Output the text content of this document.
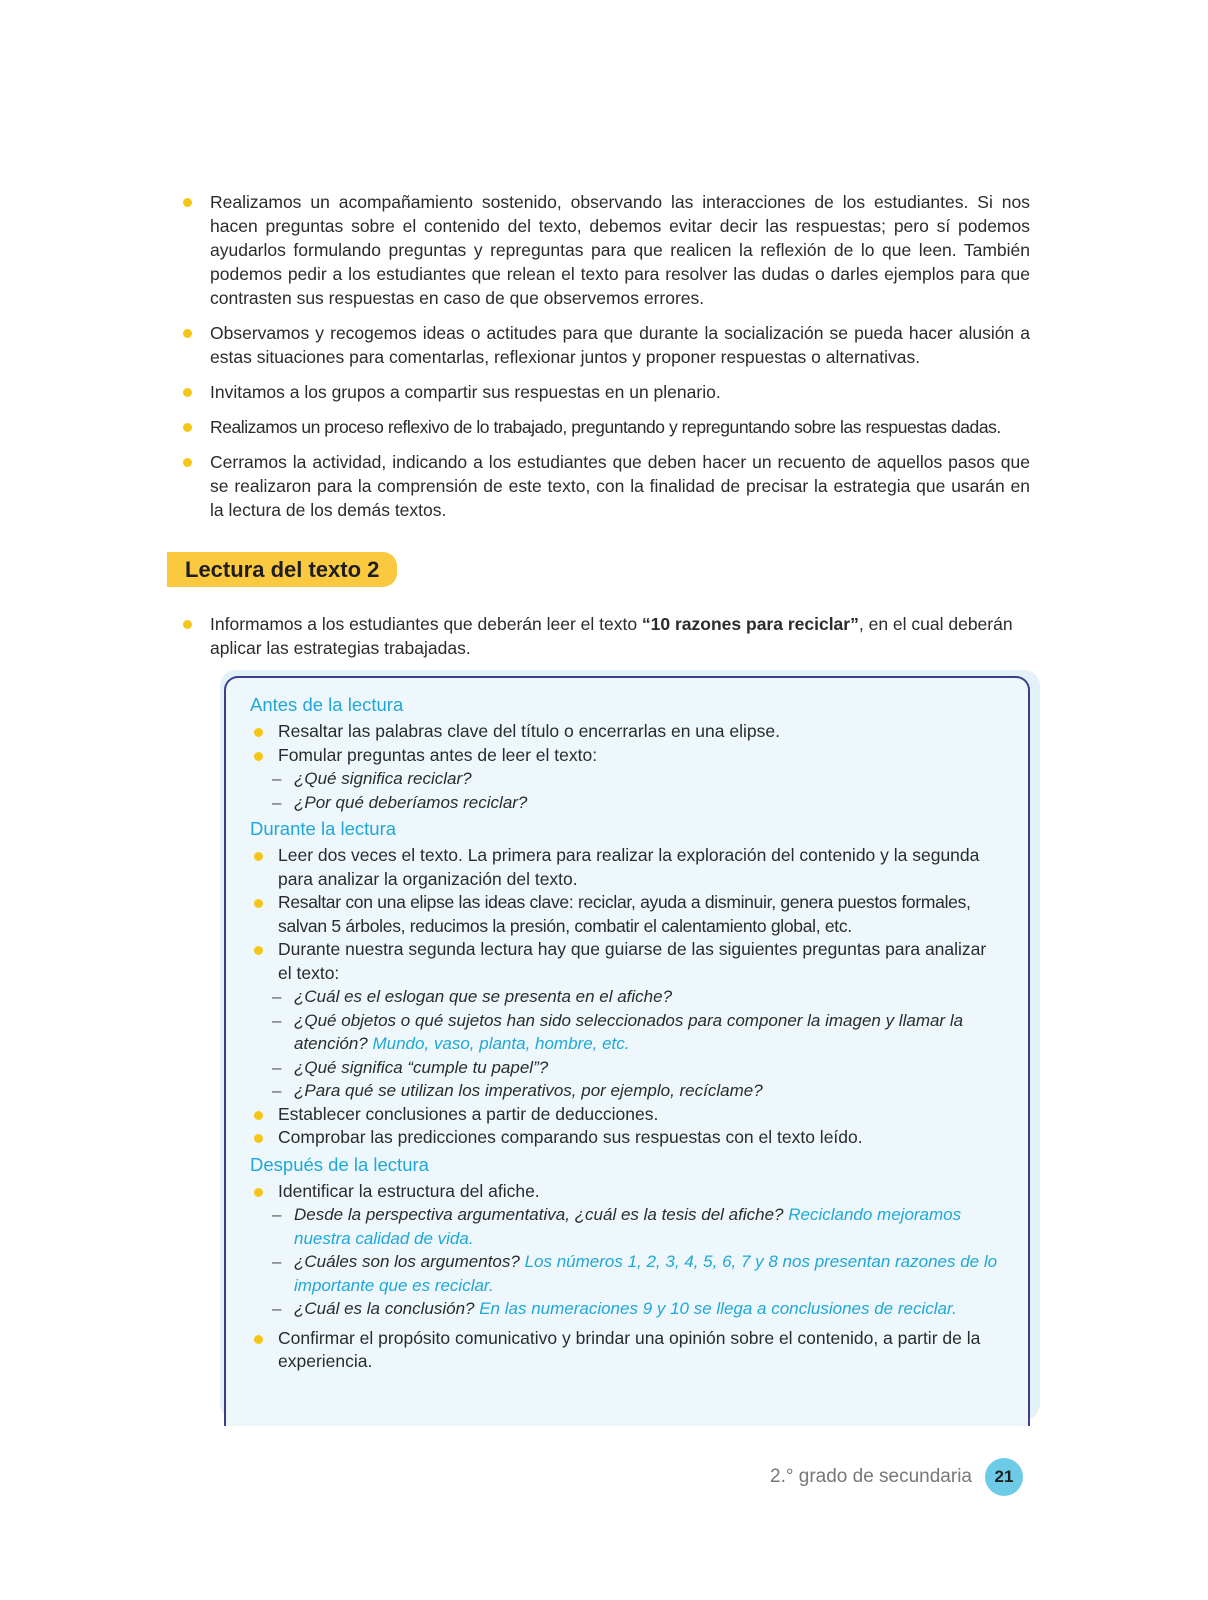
Realizamos un acompañamiento sostenido, observando las interacciones de los estudiantes. Si nos hacen preguntas sobre el contenido del texto, debemos evitar decir las respuestas; pero sí podemos ayudarlos formulando preguntas y repreguntas para que realicen la reflexión de lo que leen. También podemos pedir a los estudiantes que relean el texto para resolver las dudas o darles ejemplos para que contrasten sus respuestas en caso de que observemos errores.
Observamos y recogemos ideas o actitudes para que durante la socialización se pueda hacer alusión a estas situaciones para comentarlas, reflexionar juntos y proponer respuestas o alternativas.
Invitamos a los grupos a compartir sus respuestas en un plenario.
Realizamos un proceso reflexivo de lo trabajado, preguntando y repreguntando sobre las respuestas dadas.
Cerramos la actividad, indicando a los estudiantes que deben hacer un recuento de aquellos pasos que se realizaron para la comprensión de este texto, con la finalidad de precisar la estrategia que usarán en la lectura de los demás textos.
Lectura del texto 2
Informamos a los estudiantes que deberán leer el texto “10 razones para reciclar”, en el cual deberán aplicar las estrategias trabajadas.
Antes de la lectura
Resaltar las palabras clave del título o encerrarlas en una elipse.
Fomular preguntas antes de leer el texto:
– ¿Qué significa reciclar?
– ¿Por qué deberíamos reciclar?
Durante la lectura
Leer dos veces el texto. La primera para realizar la exploración del contenido y la segunda para analizar la organización del texto.
Resaltar con una elipse las ideas clave: reciclar, ayuda a disminuir, genera puestos formales, salvan 5 árboles, reducimos la presión, combatir el calentamiento global, etc.
Durante nuestra segunda lectura hay que guiarse de las siguientes preguntas para analizar el texto:
– ¿Cuál es el eslogan que se presenta en el afiche?
– ¿Qué objetos o qué sujetos han sido seleccionados para componer la imagen y llamar la atención? Mundo, vaso, planta, hombre, etc.
– ¿Qué significa “cumple tu papel”?
– ¿Para qué se utilizan los imperativos, por ejemplo, recíclame?
Establecer conclusiones a partir de deducciones.
Comprobar las predicciones comparando sus respuestas con el texto leído.
Después de la lectura
Identificar la estructura del afiche.
– Desde la perspectiva argumentativa, ¿cuál es la tesis del afiche? Reciclando mejoramos nuestra calidad de vida.
– ¿Cuáles son los argumentos? Los números 1, 2, 3, 4, 5, 6, 7 y 8 nos presentan razones de lo importante que es reciclar.
– ¿Cuál es la conclusión? En las numeraciones 9 y 10 se llega a conclusiones de reciclar.
Confirmar el propósito comunicativo y brindar una opinión sobre el contenido, a partir de la experiencia.
2.° grado de secundaria	21
